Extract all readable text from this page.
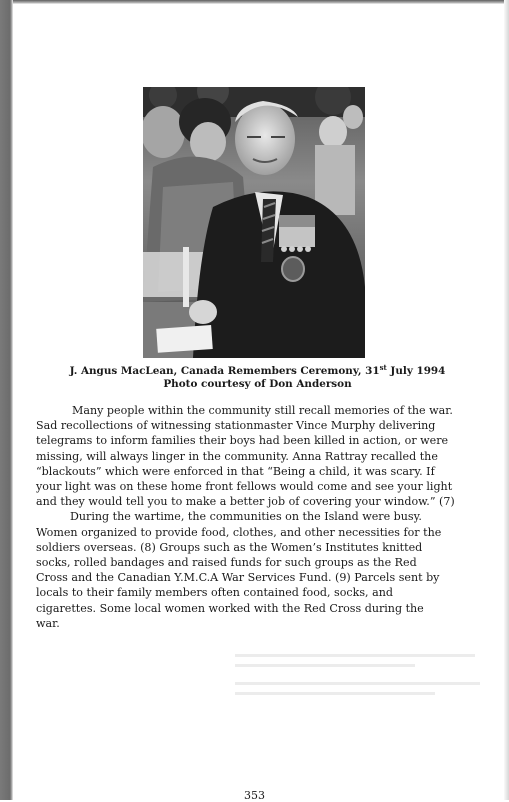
J. Angus MacLean, Canada Remembers Ceremony, 31st July 1994
Photo courtesy of Don Anderson

Many people within the community still recall memories of the war.
Sad recollections of witnessing stationmaster Vince Murphy delivering
telegrams to inform families their boys had been killed in action, or were
missing, will always linger in the community. Anna Rattray recalled the
“blackouts” which were enforced in that “Being a child, it was scary. If
your light was on these home front fellows would come and see your light
and they would tell you to make a better job of covering your window.” (7)

During the wartime, the communities on the Island were busy.
Women organized to provide food, clothes, and other necessities for the
soldiers overseas. (8) Groups such as the Women’s Institutes knitted
socks, rolled bandages and raised funds for such groups as the Red
Cross and the Canadian Y.M.C.A War Services Fund. (9) Parcels sent by
locals to their family members often contained food, socks, and
cigarettes. Some local women worked with the Red Cross during the
war.

353
